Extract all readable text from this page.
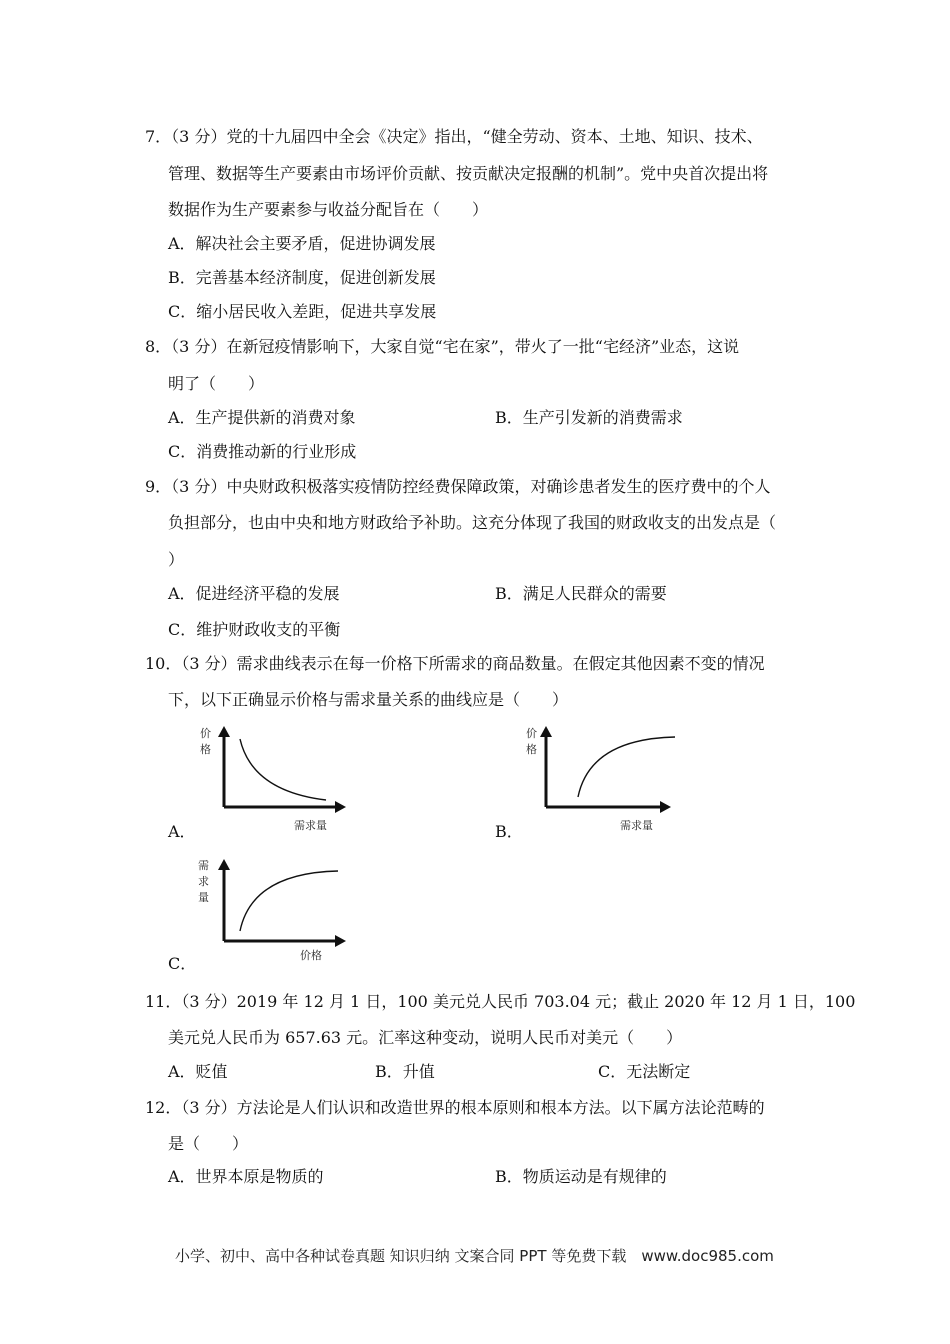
7．（3 分）党的十九届四中全会《决定》指出，“健全劳动、资本、土地、知识、技术、
管理、数据等生产要素由市场评价贡献、按贡献决定报酬的机制”。党中央首次提出将
数据作为生产要素参与收益分配旨在（　　）
A．解决社会主要矛盾，促进协调发展
B．完善基本经济制度，促进创新发展
C．缩小居民收入差距，促进共享发展
8．（3 分）在新冠疫情影响下，大家自觉“宅在家”，带火了一批“宅经济”业态，这说
明了（　　）
A．生产提供新的消费对象	B．生产引发新的消费需求
C．消费推动新的行业形成
9．（3 分）中央财政积极落实疫情防控经费保障政策，对确诊患者发生的医疗费中的个人
负担部分，也由中央和地方财政给予补助。这充分体现了我国的财政收支的出发点是（
）
A．促进经济平稳的发展	B．满足人民群众的需要
C．维护财政收支的平衡
10．（3 分）需求曲线表示在每一价格下所需求的商品数量。在假定其他因素不变的情况
下，以下正确显示价格与需求量关系的曲线应是（　　）
价
格
需求量
A．
价
格
需求量
B．
需
求
量
价格
C．
11．（3 分）2019 年 12 月 1 日，100 美元兑人民币 703.04 元；截止 2020 年 12 月 1 日，100
美元兑人民币为 657.63 元。汇率这种变动，说明人民币对美元（　　）
A．贬值	B．升值	C．无法断定
12．（3 分）方法论是人们认识和改造世界的根本原则和根本方法。以下属方法论范畴的
是（　　）
A．世界本原是物质的	B．物质运动是有规律的
小学、初中、高中各种试卷真题 知识归纳 文案合同 PPT 等免费下载　www.doc985.com
